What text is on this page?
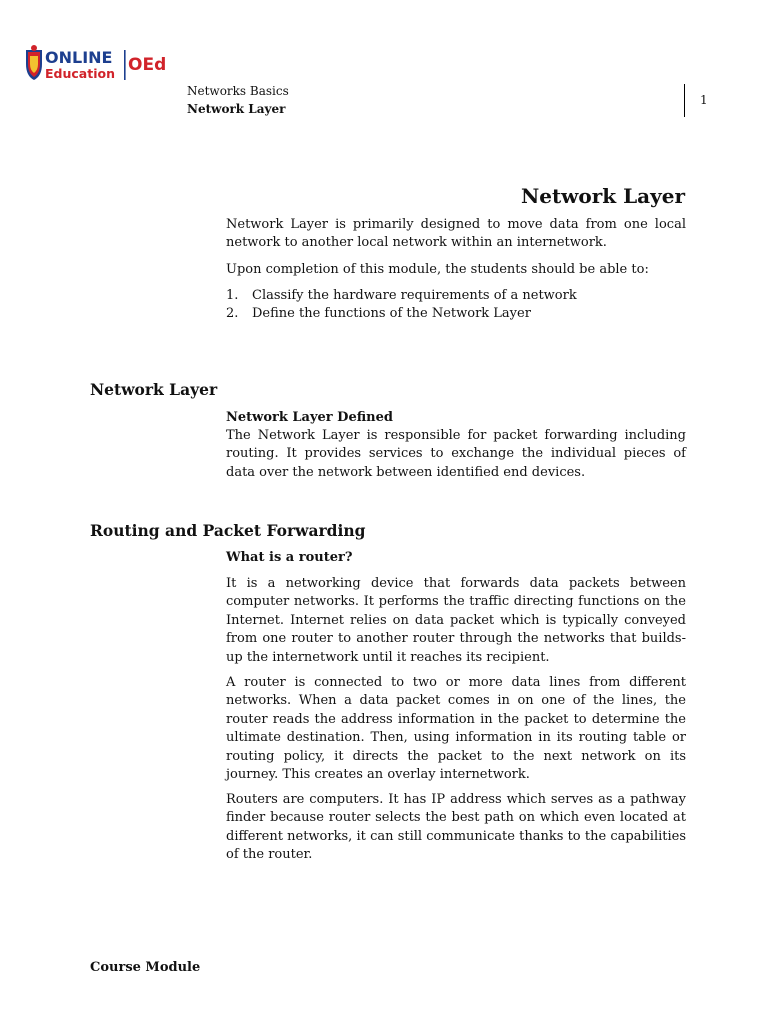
ONLINE
Education OEd
Networks Basics
Network Layer
1
Network Layer

Network Layer is primarily designed to move data from one local network to another local network within an internetwork.

Upon completion of this module, the students should be able to:

1.	Classify the hardware requirements of a network
2.	Define the functions of the Network Layer
Network Layer
Network Layer Defined

The Network Layer is responsible for packet forwarding including routing. It provides services to exchange the individual pieces of data over the network between identified end devices.

Routing and Packet Forwarding
What is a router?

It is a networking device that forwards data packets between computer networks. It performs the traffic directing functions on the Internet. Internet relies on data packet which is typically conveyed from one router to another router through the networks that builds-up the internetwork until it reaches its recipient.

A router is connected to two or more data lines from different networks. When a data packet comes in on one of the lines, the router reads the address information in the packet to determine the ultimate destination. Then, using information in its routing table or routing policy, it directs the packet to the next network on its journey. This creates an overlay internetwork.

Routers are computers. It has IP address which serves as a pathway finder because router selects the best path on which even located at different networks, it can still communicate thanks to the capabilities of the router.

Course Module
